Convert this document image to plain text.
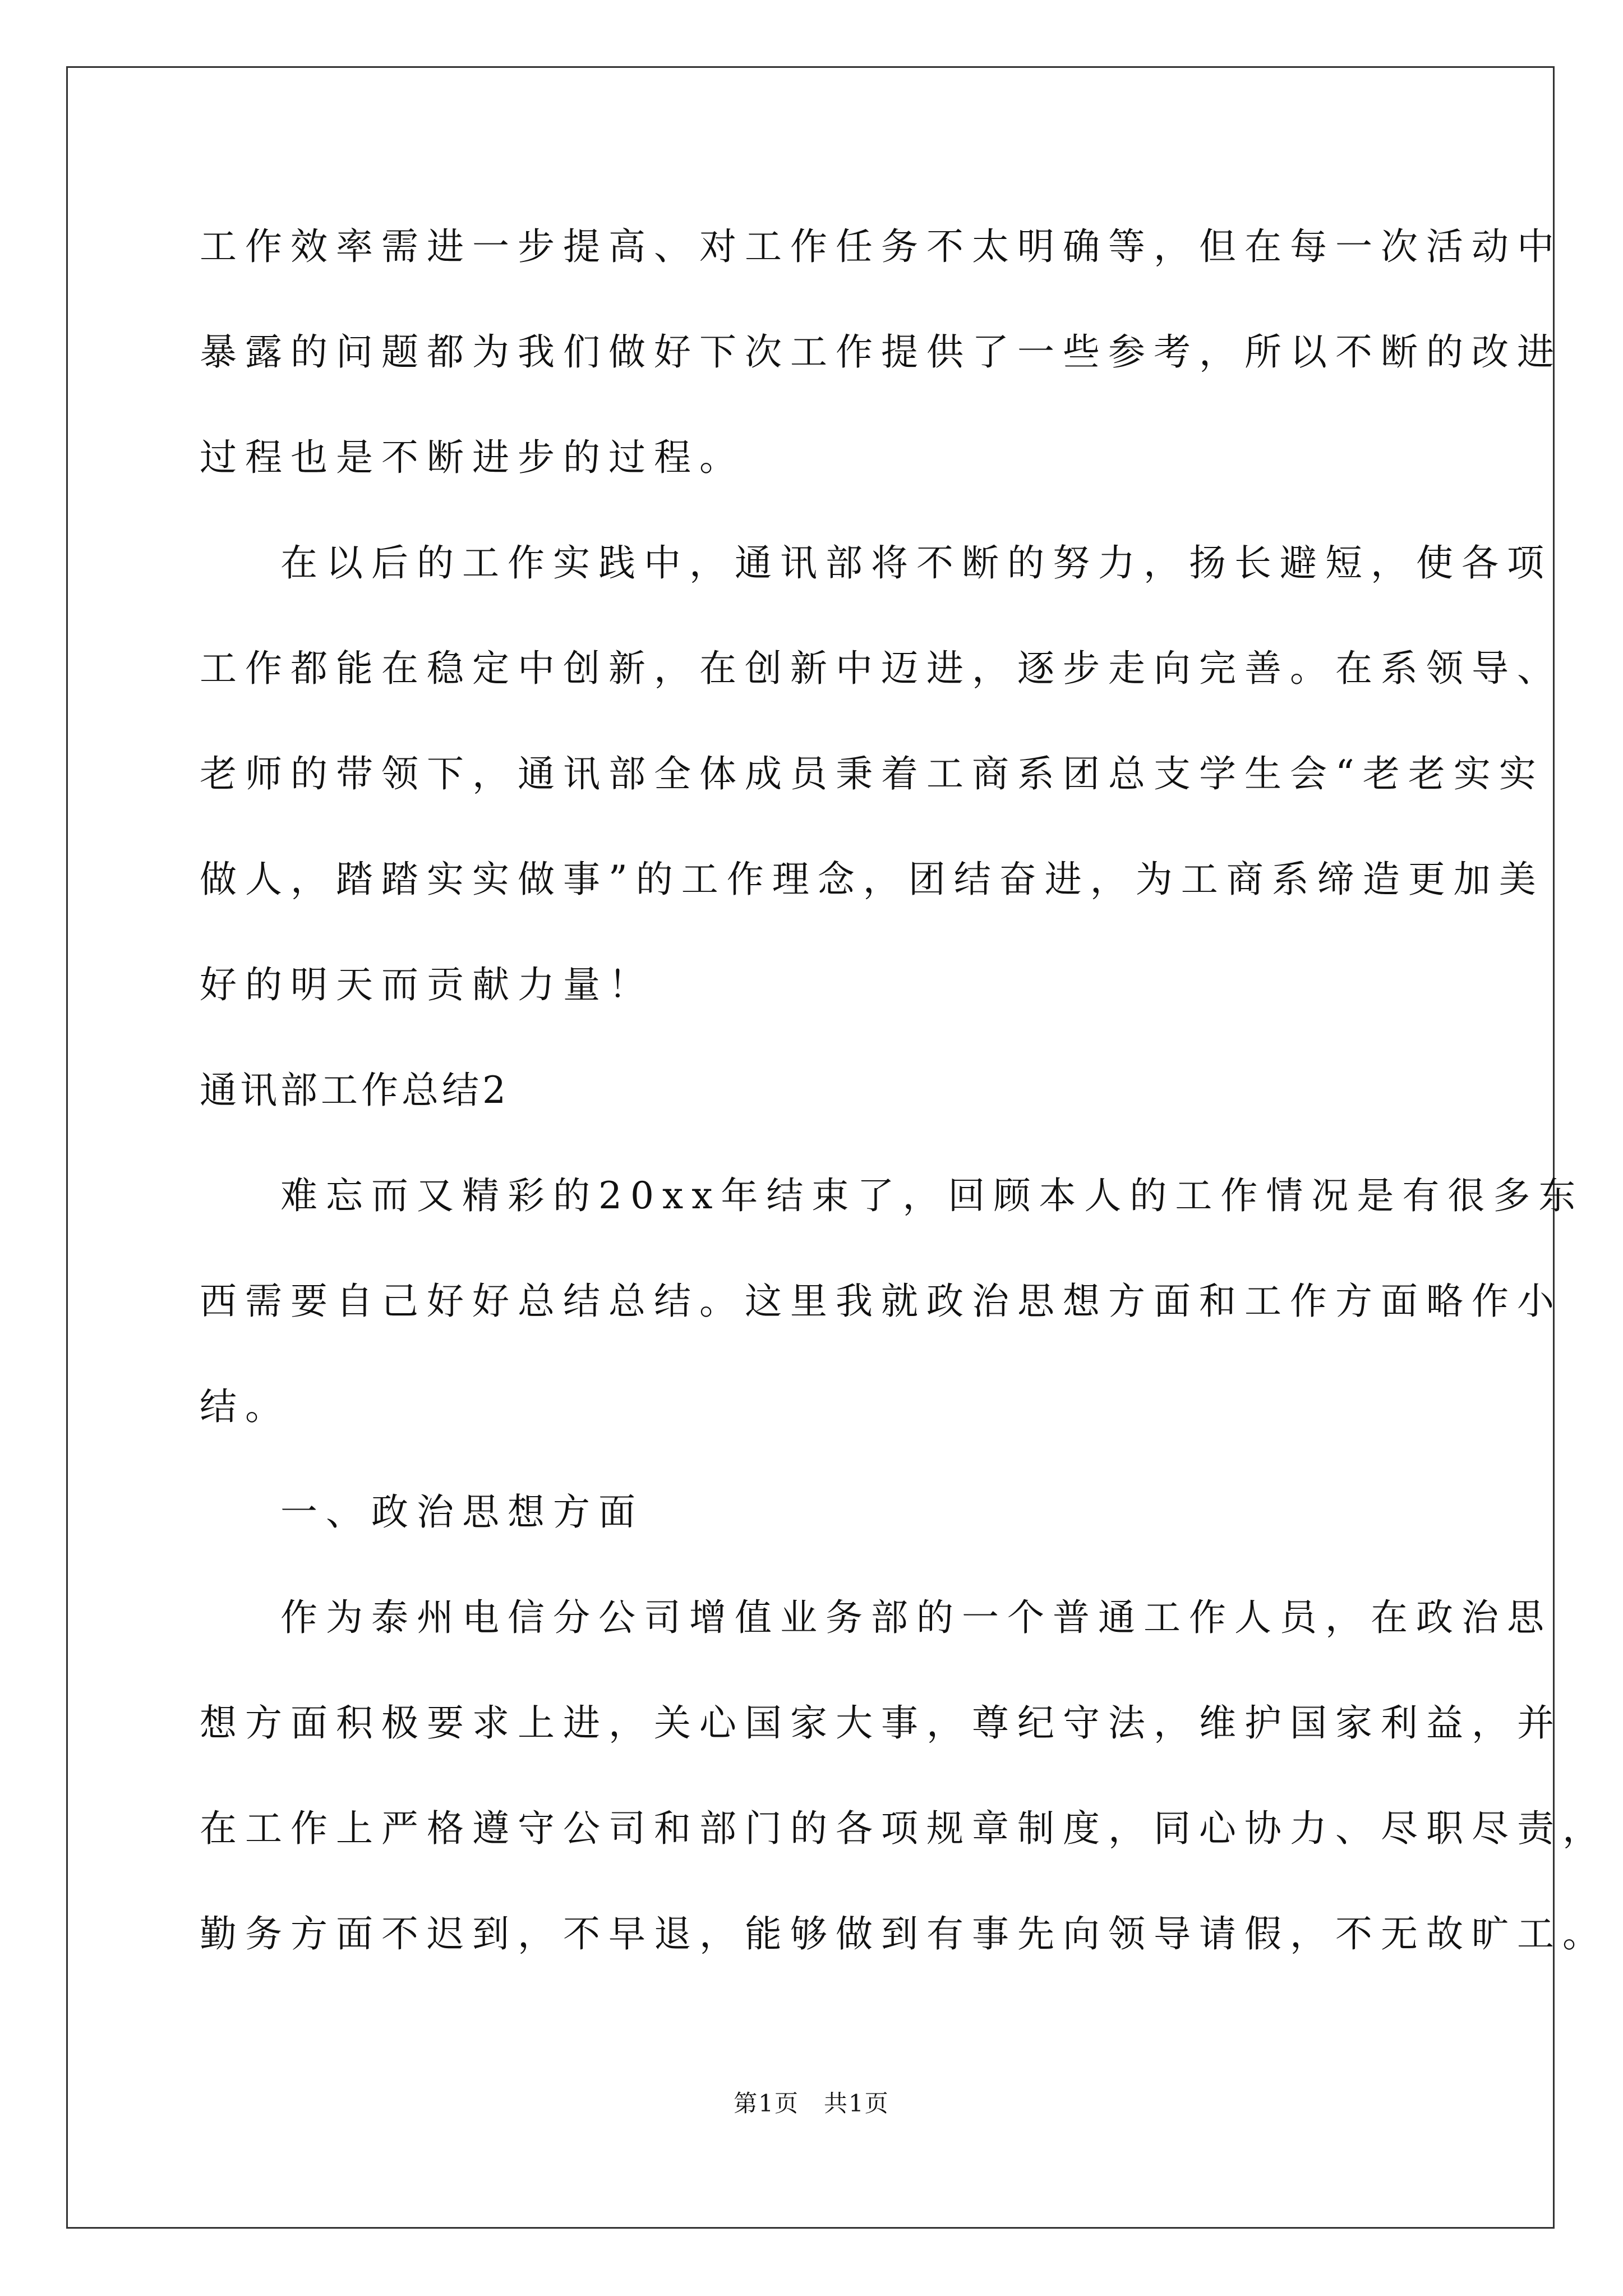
工作效率需进一步提高、对工作任务不太明确等，但在每一次活动中
暴露的问题都为我们做好下次工作提供了一些参考，所以不断的改进
过程也是不断进步的过程。
在以后的工作实践中，通讯部将不断的努力，扬长避短，使各项
工作都能在稳定中创新，在创新中迈进，逐步走向完善。在系领导、
老师的带领下，通讯部全体成员秉着工商系团总支学生会“老老实实
做人，踏踏实实做事”的工作理念，团结奋进，为工商系缔造更加美
好的明天而贡献力量！
通讯部工作总结2
难忘而又精彩的20xx年结束了，回顾本人的工作情况是有很多东
西需要自己好好总结总结。这里我就政治思想方面和工作方面略作小
结。
一、政治思想方面
作为泰州电信分公司增值业务部的一个普通工作人员，在政治思
想方面积极要求上进，关心国家大事，尊纪守法，维护国家利益，并
在工作上严格遵守公司和部门的各项规章制度，同心协力、尽职尽责，
勤务方面不迟到，不早退，能够做到有事先向领导请假，不无故旷工。
第1页　共1页
